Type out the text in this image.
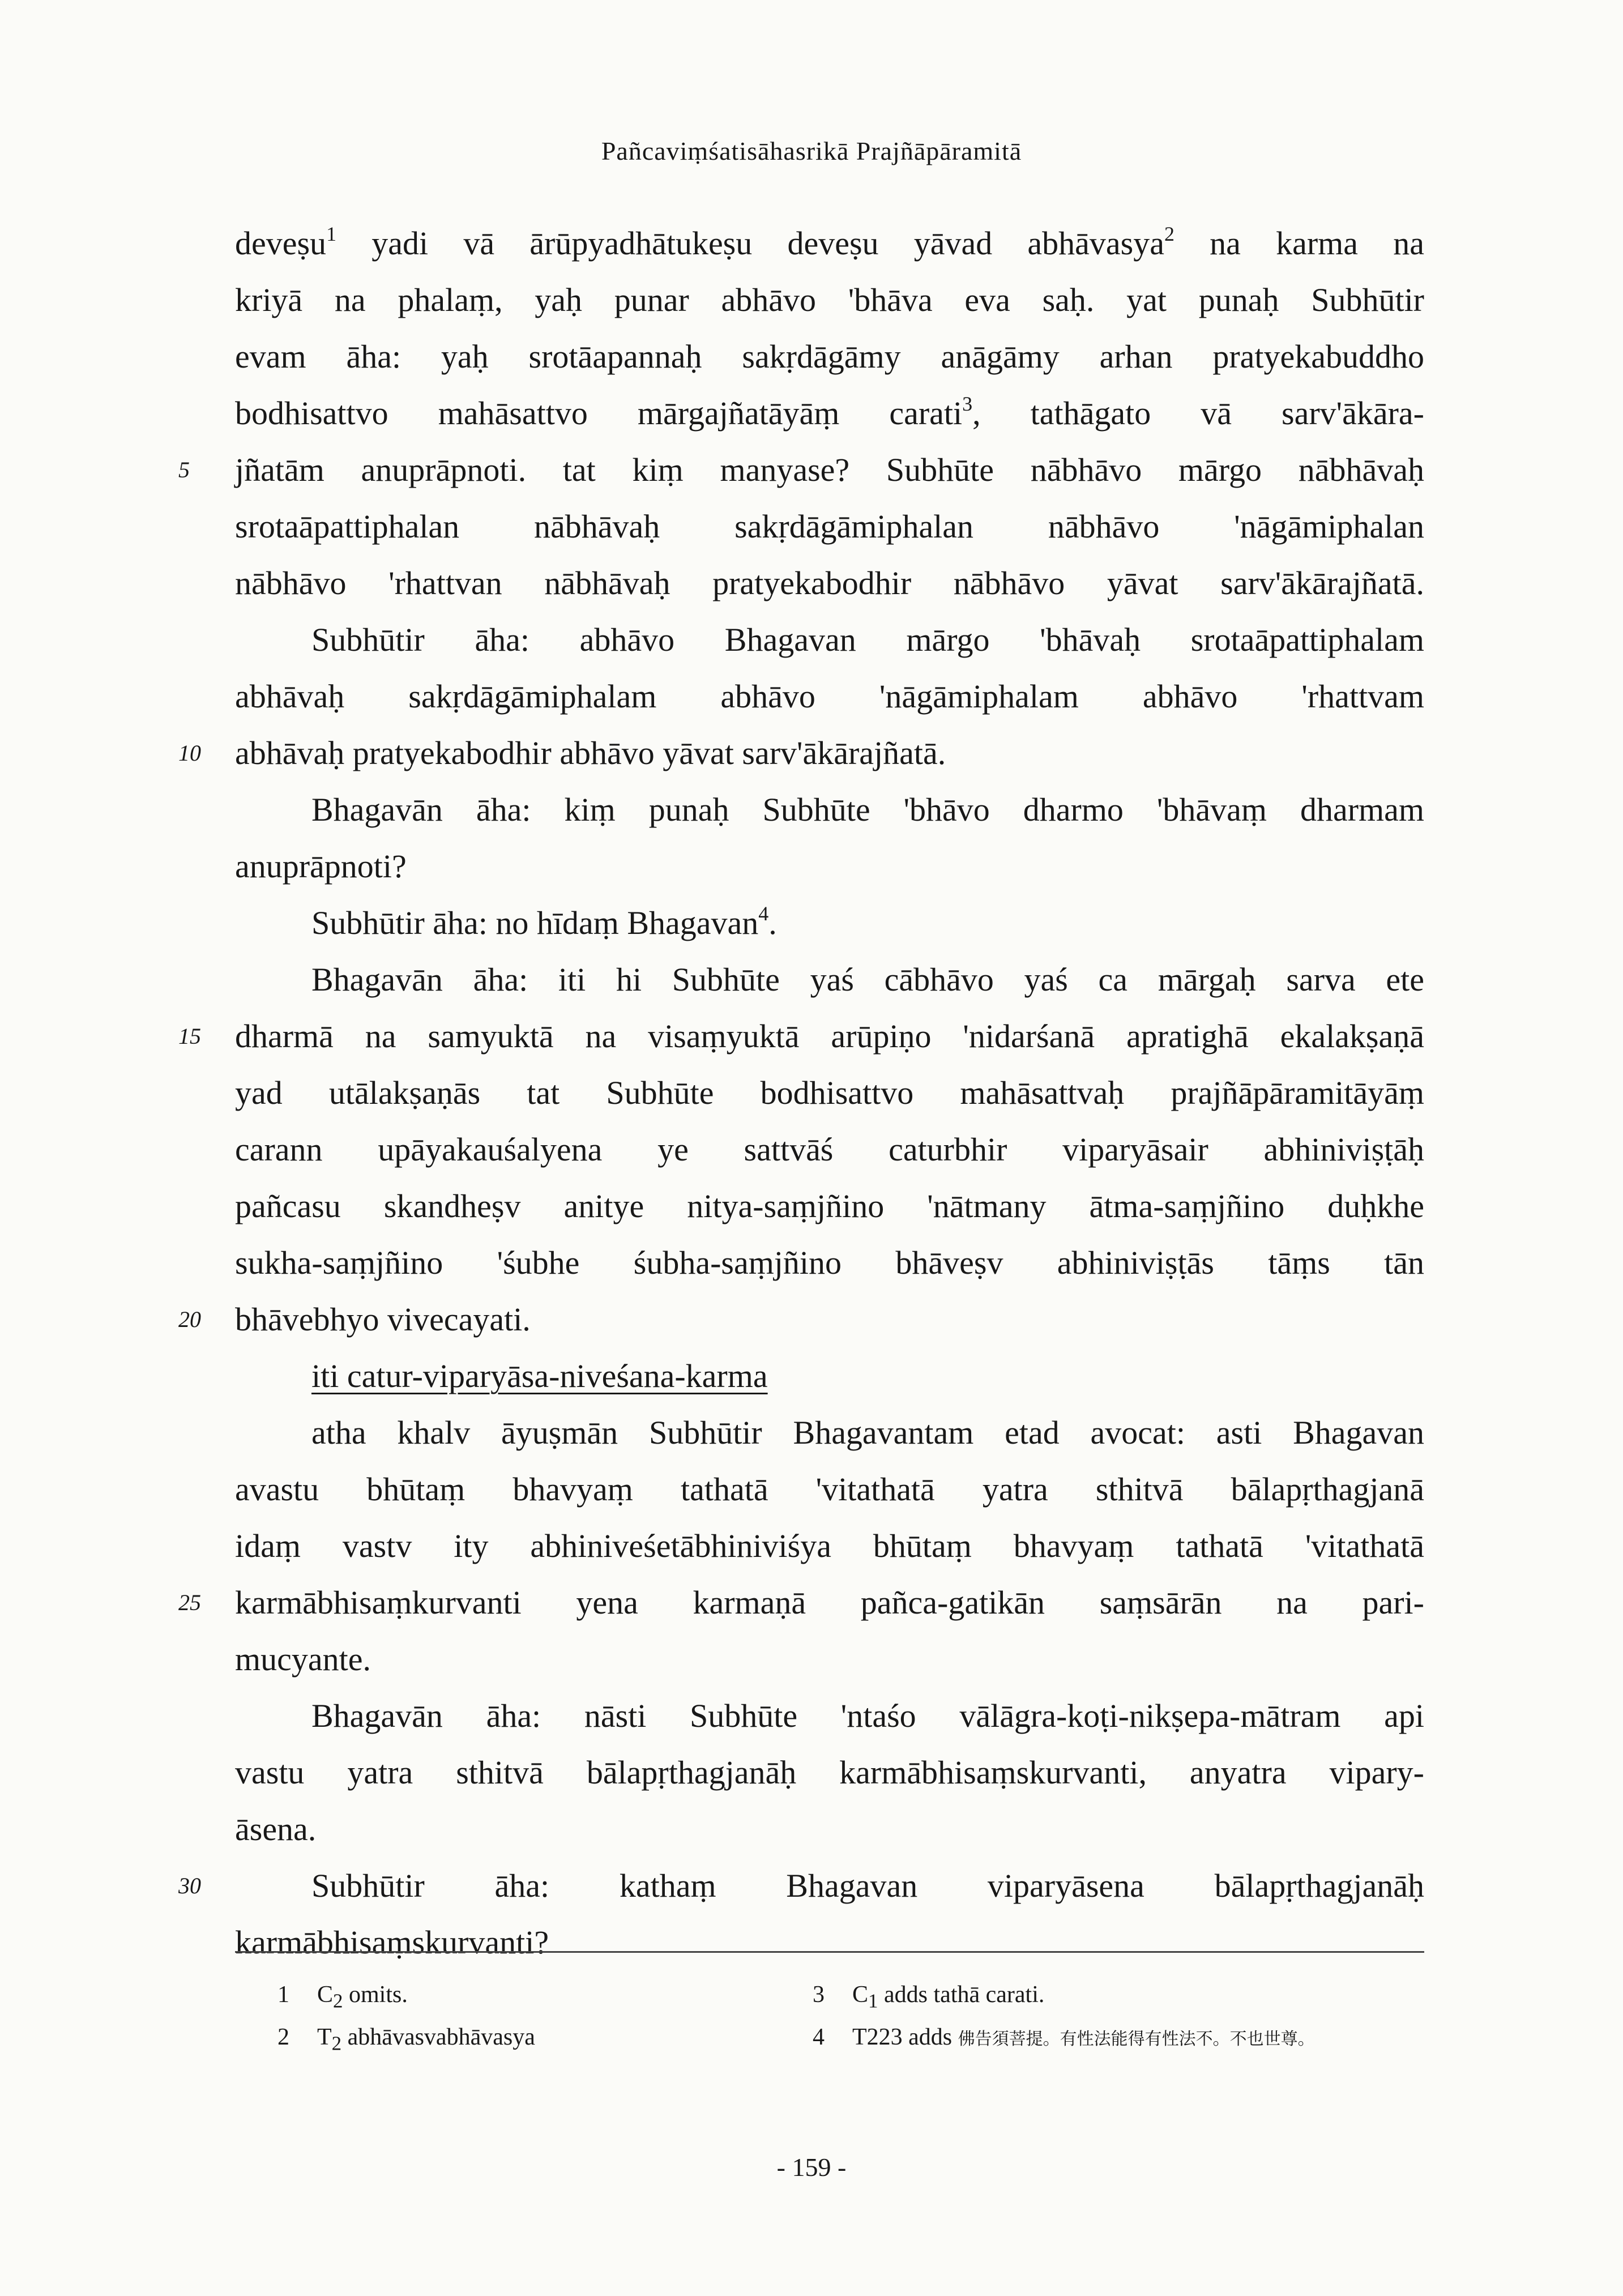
Pañcaviṃśatisāhasrikā Prajñāpāramitā
deveṣu$^1$ yadi vā ārūpyadhātukeṣu deveṣu yāvad abhāvasya$^2$ na karma na
kriyā na phalaṃ, yaḥ punar abhāvo 'bhāva eva saḥ. yat punaḥ Subhūtir
evam āha: yaḥ srotāapannaḥ sakṛdāgāmy anāgāmy arhan pratyekabuddho
bodhisattvo mahāsattvo mārgajñatāyāṃ carati$^3$, tathāgato vā sarv'ākāra-
5	jñatām anuprāpnoti. tat kiṃ manyase? Subhūte nābhāvo mārgo nābhāvaḥ
srotaāpattiphalan nābhāvaḥ sakṛdāgāmiphalan nābhāvo 'nāgāmiphalan
nābhāvo 'rhattvan nābhāvaḥ pratyekabodhir nābhāvo yāvat sarv'ākārajñatā.
Subhūtir āha: abhāvo Bhagavan mārgo 'bhāvaḥ srotaāpattiphalam
abhāvaḥ sakṛdāgāmiphalam abhāvo 'nāgāmiphalam abhāvo 'rhattvam
10	abhāvaḥ pratyekabodhir abhāvo yāvat sarv'ākārajñatā.
Bhagavān āha: kiṃ punaḥ Subhūte 'bhāvo dharmo 'bhāvaṃ dharmam
anuprāpnoti?
Subhūtir āha: no hīdaṃ Bhagavan$^4$.
Bhagavān āha: iti hi Subhūte yaś cābhāvo yaś ca mārgaḥ sarva ete
15	dharmā na samyuktā na visaṃyuktā arūpiṇo 'nidarśanā apratighā ekalakṣaṇā
yad utālakṣaṇās tat Subhūte bodhisattvo mahāsattvaḥ prajñāpāramitāyāṃ
carann upāyakauśalyena ye sattvāś caturbhir viparyāsair abhiniviṣṭāḥ
pañcasu skandheṣv anitye nitya-saṃjñino 'nātmany ātma-saṃjñino duḥkhe
sukha-saṃjñino 'śubhe śubha-saṃjñino bhāveṣv abhiniviṣṭās tāṃs tān
20	bhāvebhyo vivecayati.
iti catur-viparyāsa-niveśana-karma
atha khalv āyuṣmān Subhūtir Bhagavantam etad avocat: asti Bhagavan
avastu bhūtaṃ bhavyaṃ tathatā 'vitathatā yatra sthitvā bālapṛthagjanā
idaṃ vastv ity abhiniveśetābhiniviśya bhūtaṃ bhavyaṃ tathatā 'vitathatā
25	karmābhisaṃkurvanti yena karmaṇā pañca-gatikān saṃsārān na pari-
mucyante.
Bhagavān āha: nāsti Subhūte 'ntaśo vālāgra-koṭi-nikṣepa-mātram api
vastu yatra sthitvā bālapṛthagjanāḥ karmābhisaṃskurvanti, anyatra vipary-
āsena.
30	Subhūtir āha: kathaṃ Bhagavan viparyāsena bālapṛthagjanāḥ
karmābhisaṃskurvanti?
1 $C_2$ omits.	3 $C_1$ adds tathā carati.
2 $T_2$ abhāvasvabhāvasya	4 T223 adds 佛告須菩提。有性法能得有性法不。不也世尊。
- 159 -
